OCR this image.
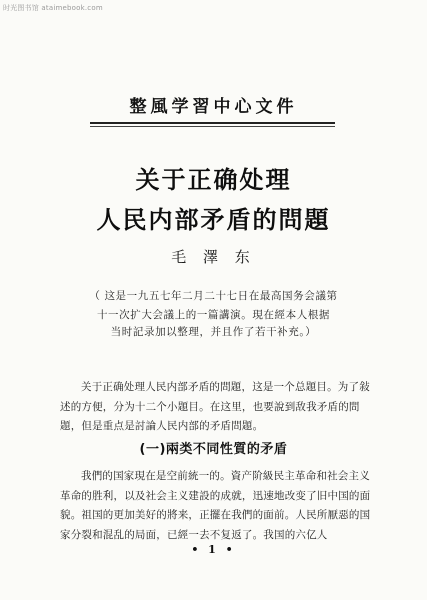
时光图书馆 ataimebook.com
整風学習中心文件
关于正确处理
人民内部矛盾的問題
毛 澤 东
（ 这是一九五七年二月二十七日在最高国务会議第
十一次扩大会議上的一篇講演。現在經本人根据
当时記录加以整理，并且作了若干补充。）
关于正确处理人民内部矛盾的問題，这是一个总題目。为了敍述的方便，分为十二个小題目。在这里，也要說到敌我矛盾的問題，但是重点是討論人民内部的矛盾問題。
(一)兩类不同性質的矛盾
我們的国家現在是空前統一的。資产阶級民主革命和社会主义革命的胜利，以及社会主义建設的成就，迅速地改变了旧中国的面貌。祖国的更加美好的將来，正擺在我們的面前。人民所厭惡的国家分裂和混乱的局面，已經一去不复返了。我国的六亿人
• 1 •
